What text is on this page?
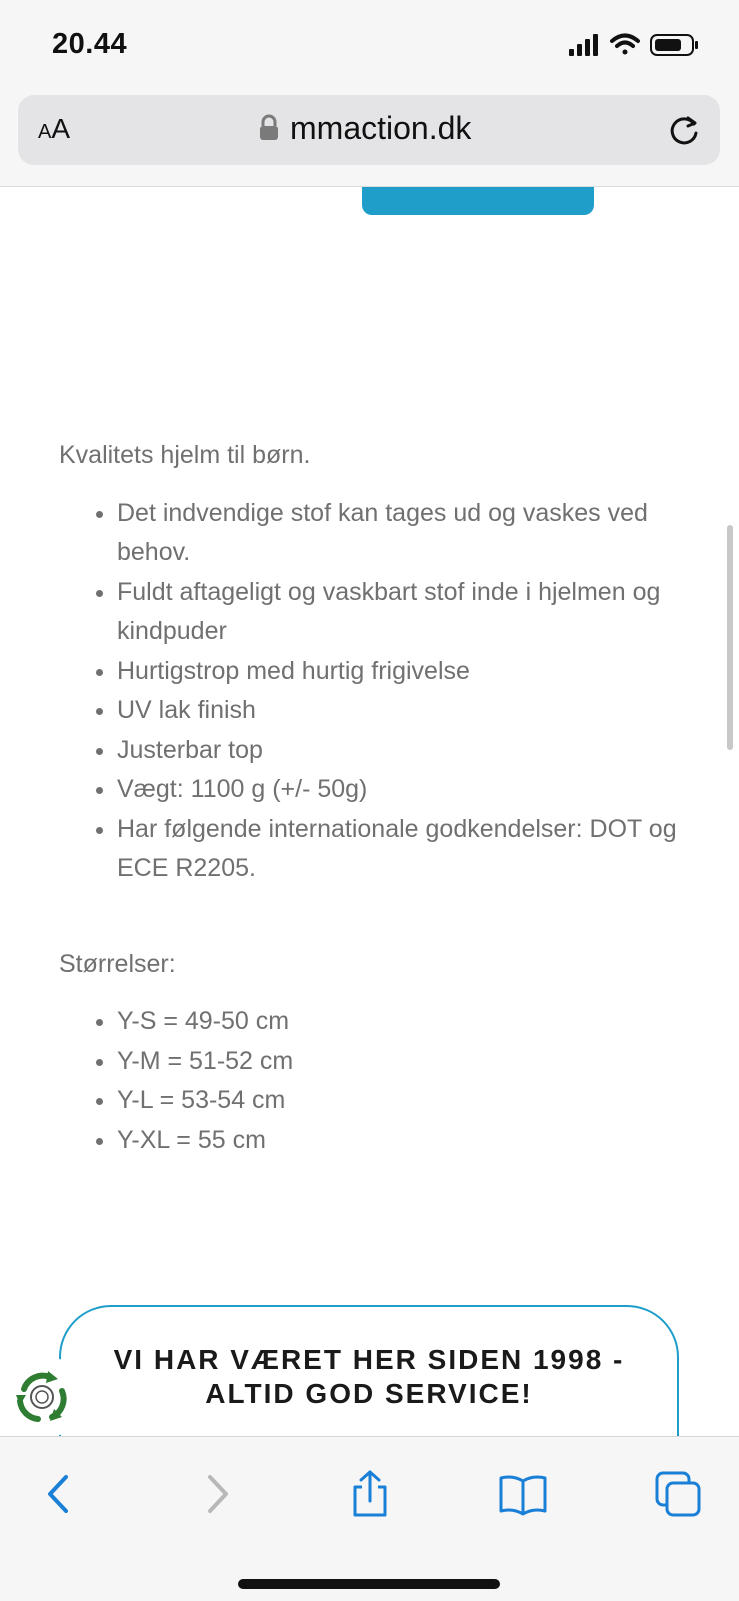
20.44
AA	mmaction.dk

Kvalitets hjelm til børn.

• Det indvendige stof kan tages ud og vaskes ved behov.
• Fuldt aftageligt og vaskbart stof inde i hjelmen og kindpuder
• Hurtigstrop med hurtig frigivelse
• UV lak finish
• Justerbar top
• Vægt: 1100 g (+/- 50g)
• Har følgende internationale godkendelser: DOT og ECE R2205.

Størrelser:

• Y-S = 49-50 cm
• Y-M = 51-52 cm
• Y-L = 53-54 cm
• Y-XL = 55 cm
VI HAR VÆRET HER SIDEN 1998 -
ALTID GOD SERVICE!
